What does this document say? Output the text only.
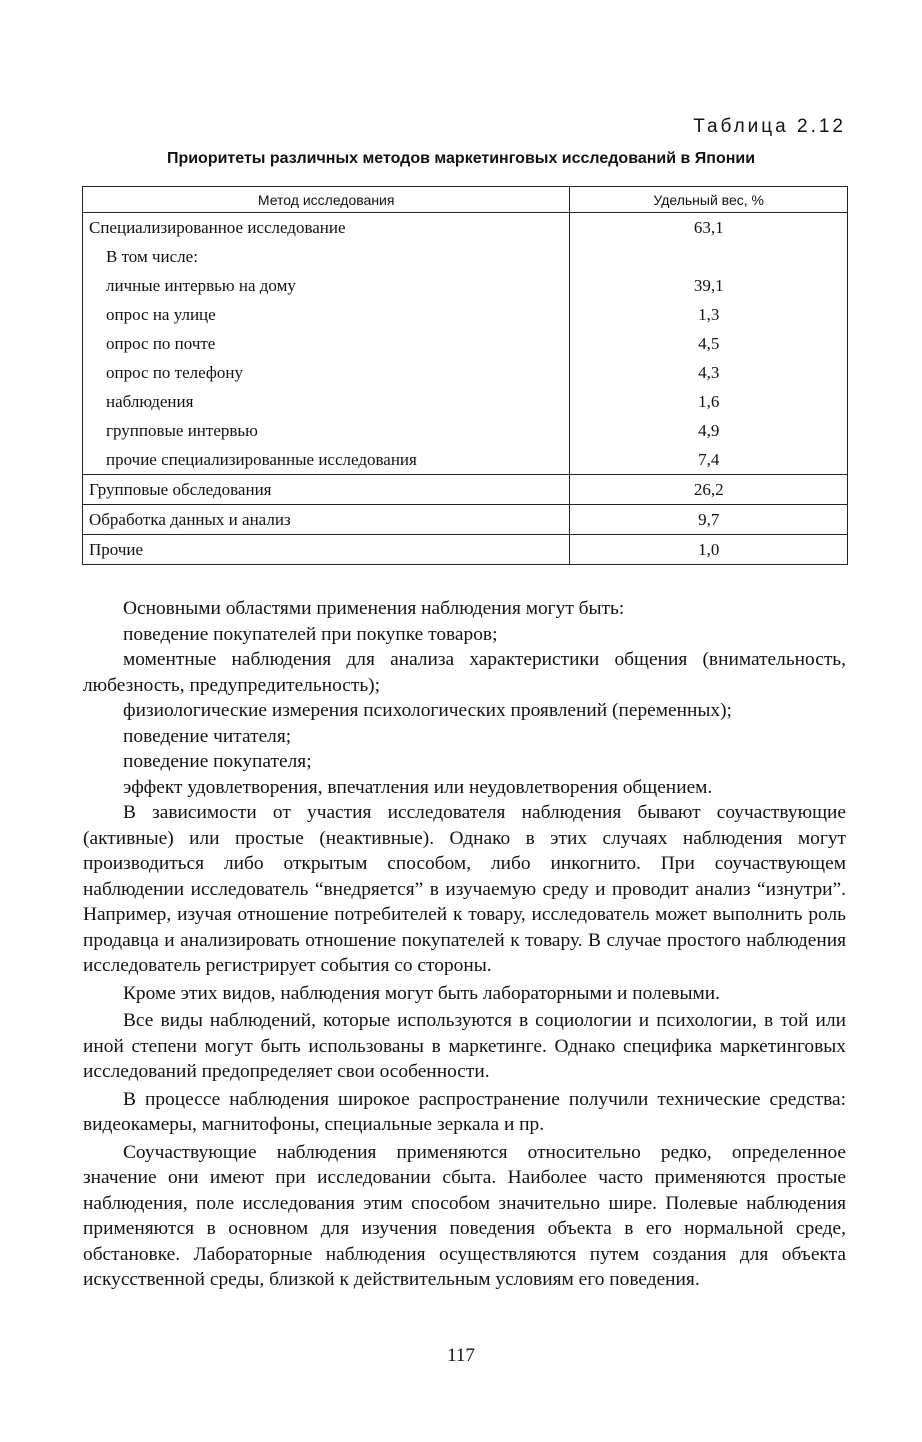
Таблица 2.12
Приоритеты различных методов маркетинговых исследований в Японии
Метод исследования	Удельный вес, %
Специализированное исследование	63,1
В том числе:	
личные интервью на дому	39,1
опрос на улице	1,3
опрос по почте	4,5
опрос по телефону	4,3
наблюдения	1,6
групповые интервью	4,9
прочие специализированные исследования	7,4
Групповые обследования	26,2
Обработка данных и анализ	9,7
Прочие	1,0

Основными областями применения наблюдения могут быть:

поведение покупателей при покупке товаров;

моментные наблюдения для анализа характеристики общения (внимательность, любезность, предупредительность);

физиологические измерения психологических проявлений (переменных);

поведение читателя;

поведение покупателя;

эффект удовлетворения, впечатления или неудовлетворения общением.

В зависимости от участия исследователя наблюдения бывают соучаствующие (активные) или простые (неактивные). Однако в этих случаях наблюдения могут производиться либо открытым способом, либо инкогнито. При соучаствующем наблюдении исследователь “внедряется” в изучаемую среду и проводит анализ “изнутри”. Например, изучая отношение потребителей к товару, исследователь может выполнить роль продавца и анализировать отношение покупателей к товару. В случае простого наблюдения исследователь регистрирует события со стороны.

Кроме этих видов, наблюдения могут быть лабораторными и полевыми.

Все виды наблюдений, которые используются в социологии и психологии, в той или иной степени могут быть использованы в маркетинге. Однако специфика маркетинговых исследований предопределяет свои особенности.

В процессе наблюдения широкое распространение получили технические средства: видеокамеры, магнитофоны, специальные зеркала и пр.

Соучаствующие наблюдения применяются относительно редко, определенное значение они имеют при исследовании сбыта. Наиболее часто применяются простые наблюдения, поле исследования этим способом значительно шире. Полевые наблюдения применяются в основном для изучения поведения объекта в его нормальной среде, обстановке. Лабораторные наблюдения осуществляются путем создания для объекта искусственной среды, близкой к действительным условиям его поведения.

117
